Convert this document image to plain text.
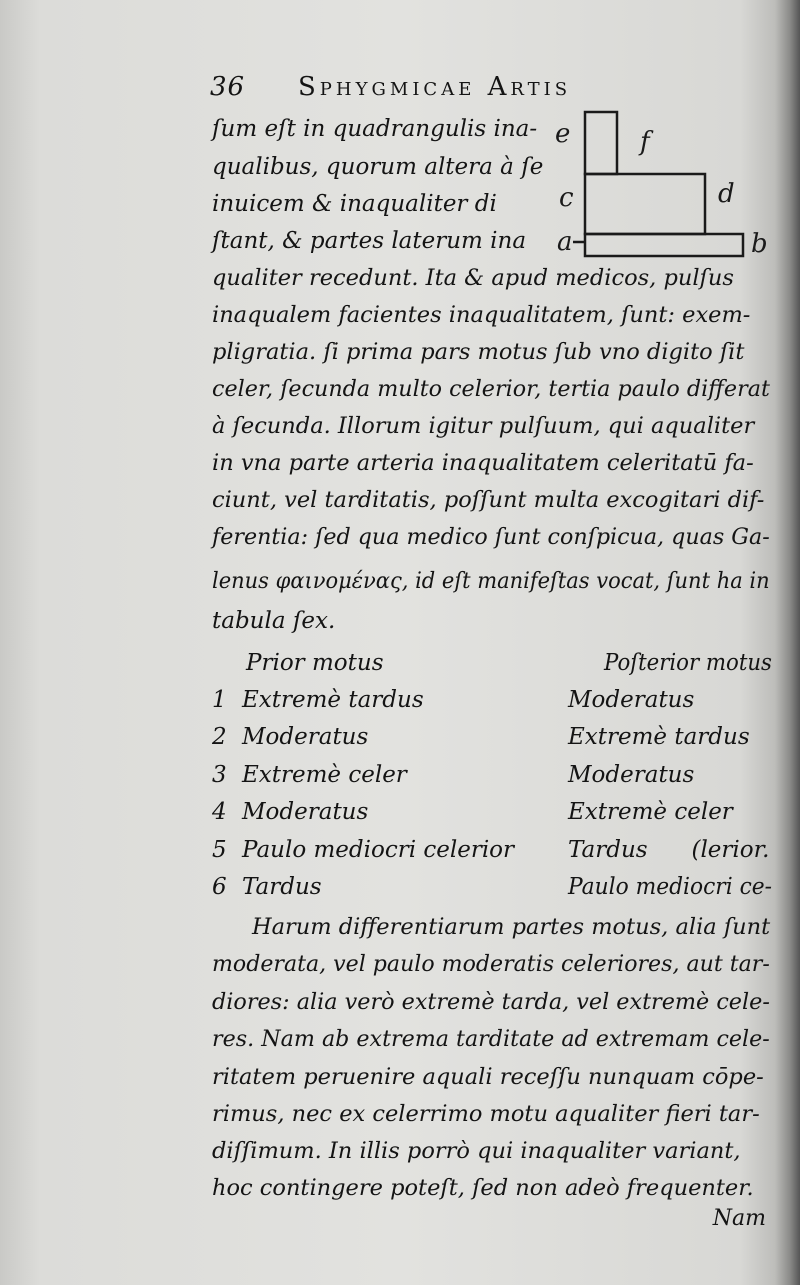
36 Sphygmicae Artis
ſum eſt in quadrangulis ina-
qualibus, quorum altera à ſe
inuicem & inaqualiter di
ſtant, & partes laterum ina
qualiter recedunt. Ita & apud medicos, pulſus
inaqualem facientes inaqualitatem, ſunt: exem-
pligratia. ſi prima pars motus ſub vno digito ſit
celer, ſecunda multo celerior, tertia paulo differat
à ſecunda. Illorum igitur pulſuum, qui aqualiter
in vna parte arteria inaqualitatem celeritatū fa-
ciunt, vel tarditatis, poſſunt multa excogitari dif-
ferentia: ſed qua medico ſunt conſpicua, quas Ga-
lenus φαινομένας, id eſt manifeſtas vocat, ſunt ha in
tabula ſex.
e	f
c	d
a	b
Prior motus	Poſterior motus
1 Extremè tardus	Moderatus
2 Moderatus	Extremè tardus
3 Extremè celer	Moderatus
4 Moderatus	Extremè celer
5 Paulo mediocri celerior Tardus      (lerior.
6 Tardus	Paulo mediocri ce-
Harum differentiarum partes motus, alia ſunt
moderata, vel paulo moderatis celeriores, aut tar-
diores: alia verò extremè tarda, vel extremè cele-
res. Nam ab extrema tarditate ad extremam cele-
ritatem peruenire aquali receſſu nunquam cōpe-
rimus, nec ex celerrimo motu aqualiter fieri tar-
diſſimum. In illis porrò qui inaqualiter variant,
hoc contingere poteſt, ſed non adeò frequenter.
Nam
